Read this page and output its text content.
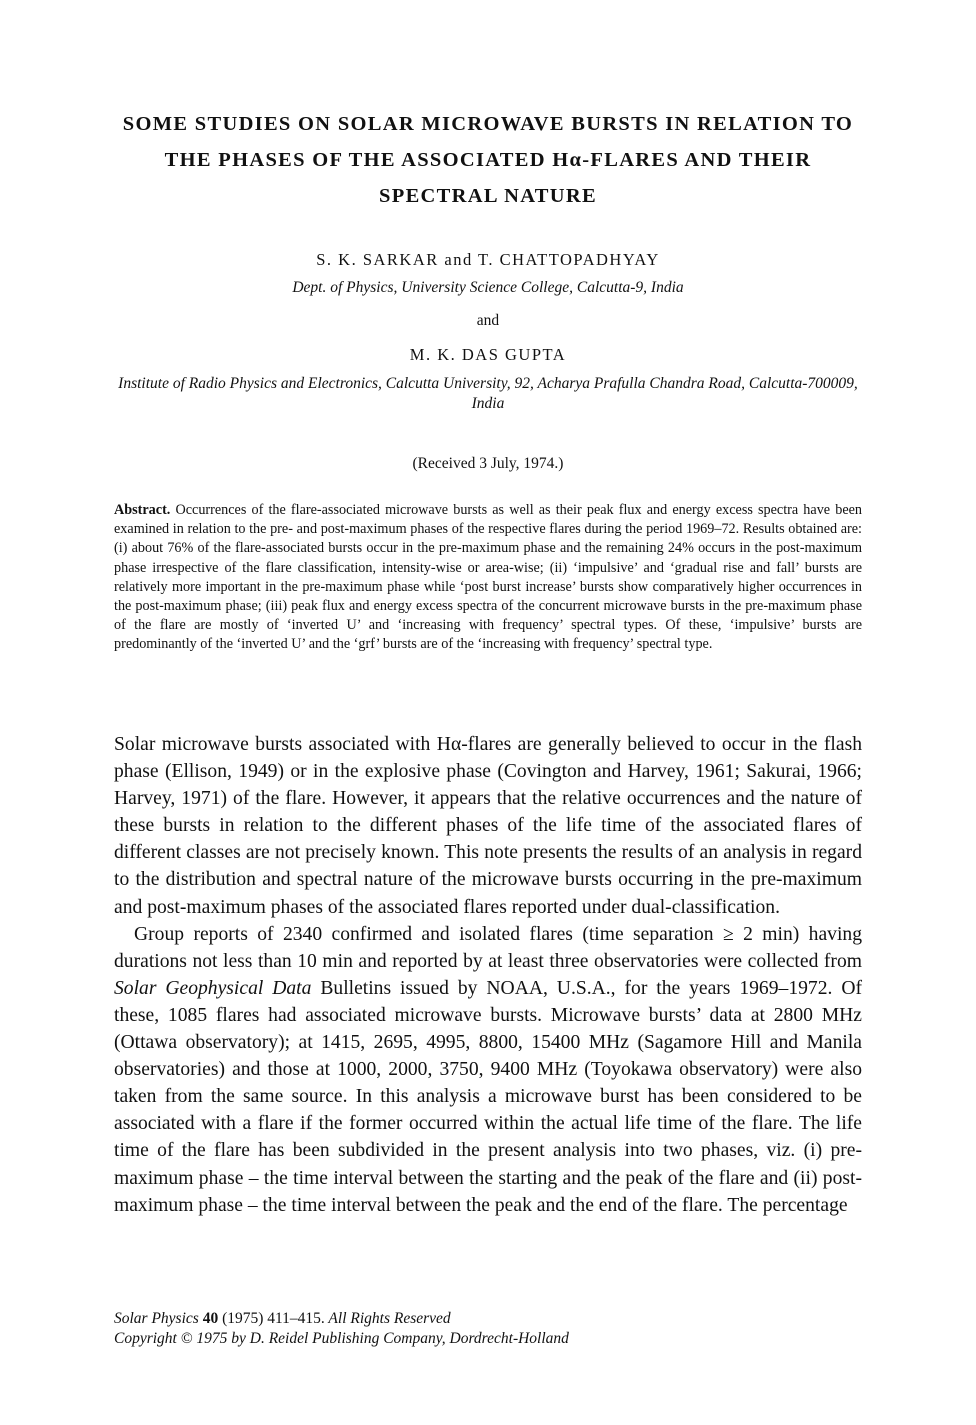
SOME STUDIES ON SOLAR MICROWAVE BURSTS IN RELATION TO THE PHASES OF THE ASSOCIATED Hα-FLARES AND THEIR SPECTRAL NATURE
S. K. SARKAR and T. CHATTOPADHYAY
Dept. of Physics, University Science College, Calcutta-9, India
and
M. K. DAS GUPTA
Institute of Radio Physics and Electronics, Calcutta University, 92, Acharya Prafulla Chandra Road, Calcutta-700009, India
(Received 3 July, 1974.)
Abstract. Occurrences of the flare-associated microwave bursts as well as their peak flux and energy excess spectra have been examined in relation to the pre- and post-maximum phases of the respective flares during the period 1969–72. Results obtained are: (i) about 76% of the flare-associated bursts occur in the pre-maximum phase and the remaining 24% occurs in the post-maximum phase irrespective of the flare classification, intensity-wise or area-wise; (ii) ‘impulsive’ and ‘gradual rise and fall’ bursts are relatively more important in the pre-maximum phase while ‘post burst increase’ bursts show comparatively higher occurrences in the post-maximum phase; (iii) peak flux and energy excess spectra of the concurrent microwave bursts in the pre-maximum phase of the flare are mostly of ‘inverted U’ and ‘increasing with frequency’ spectral types. Of these, ‘impulsive’ bursts are predominantly of the ‘inverted U’ and the ‘grf’ bursts are of the ‘increasing with frequency’ spectral type.

Solar microwave bursts associated with Hα-flares are generally believed to occur in the flash phase (Ellison, 1949) or in the explosive phase (Covington and Harvey, 1961; Sakurai, 1966; Harvey, 1971) of the flare. However, it appears that the relative occurrences and the nature of these bursts in relation to the different phases of the life time of the associated flares of different classes are not precisely known. This note presents the results of an analysis in regard to the distribution and spectral nature of the microwave bursts occurring in the pre-maximum and post-maximum phases of the associated flares reported under dual-classification.

Group reports of 2340 confirmed and isolated flares (time separation ≥ 2 min) having durations not less than 10 min and reported by at least three observatories were collected from Solar Geophysical Data Bulletins issued by NOAA, U.S.A., for the years 1969–1972. Of these, 1085 flares had associated microwave bursts. Microwave bursts’ data at 2800 MHz (Ottawa observatory); at 1415, 2695, 4995, 8800, 15400 MHz (Sagamore Hill and Manila observatories) and those at 1000, 2000, 3750, 9400 MHz (Toyokawa observatory) were also taken from the same source. In this analysis a microwave burst has been considered to be associated with a flare if the former occurred within the actual life time of the flare. The life time of the flare has been subdivided in the present analysis into two phases, viz. (i) pre-maximum phase – the time interval between the starting and the peak of the flare and (ii) post-maximum phase – the time interval between the peak and the end of the flare. The percentage

Solar Physics 40 (1975) 411–415. All Rights Reserved
Copyright © 1975 by D. Reidel Publishing Company, Dordrecht-Holland
